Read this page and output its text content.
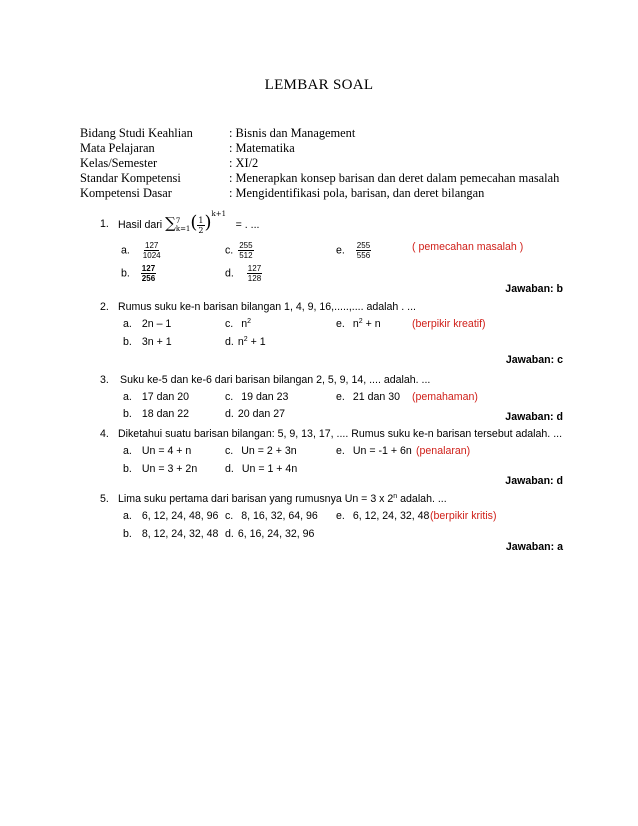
LEMBAR SOAL
Bidang Studi Keahlian	: Bisnis dan Management
Mata Pelajaran	: Matematika
Kelas/Semester	: XI/2
Standar Kompetensi	: Menerapkan konsep barisan dan deret dalam pemecahan masalah
Kompetensi Dasar	: Mengidentifikasi pola, barisan, dan deret bilangan
1. Hasil dari ∑ 7
k=1 ( $\frac{1}{2} )^{k+1}$ = . ...
a. $\frac{127}{1024}$	c. $\frac{255}{512}$	e. $\frac{255}{556}$	( pemecahan masalah )
b. $\frac{127}{256}$	d. $\frac{127}{128}$
Jawaban: b
2. Rumus suku ke-n barisan bilangan 1, 4, 9, 16,.....,.... adalah . ...
a. 2n – 1	c. $n^2$	e. $n^2 + n$	(berpikir kreatif)
b. 3n + 1	d. $n^2 + 1$
Jawaban: c
3. Suku ke-5 dan ke-6 dari barisan bilangan 2, 5, 9, 14, .... adalah. ...
a. 17 dan 20	c. 19 dan 23	e. 21 dan 30 (pemahaman)
b. 18 dan 22	d. 20 dan 27	Jawaban: d
4. Diketahui suatu barisan bilangan: 5, 9, 13, 17, .... Rumus suku ke-n barisan tersebut adalah. ...
a. Un = 4 + n	c. Un = 2 + 3n	e. Un = -1 + 6n (penalaran)
b. Un = 3 + 2n	d. Un = 1 + 4n
Jawaban: d
5. Lima suku pertama dari barisan yang rumusnya Un = 3 x 2$^n$ adalah. ...
a. 6, 12, 24, 48, 96 c. 8, 16, 32, 64, 96 e. 6, 12, 24, 32, 48 (berpikir kritis)
b. 8, 12, 24, 32, 48 d. 6, 16, 24, 32, 96
Jawaban: a
